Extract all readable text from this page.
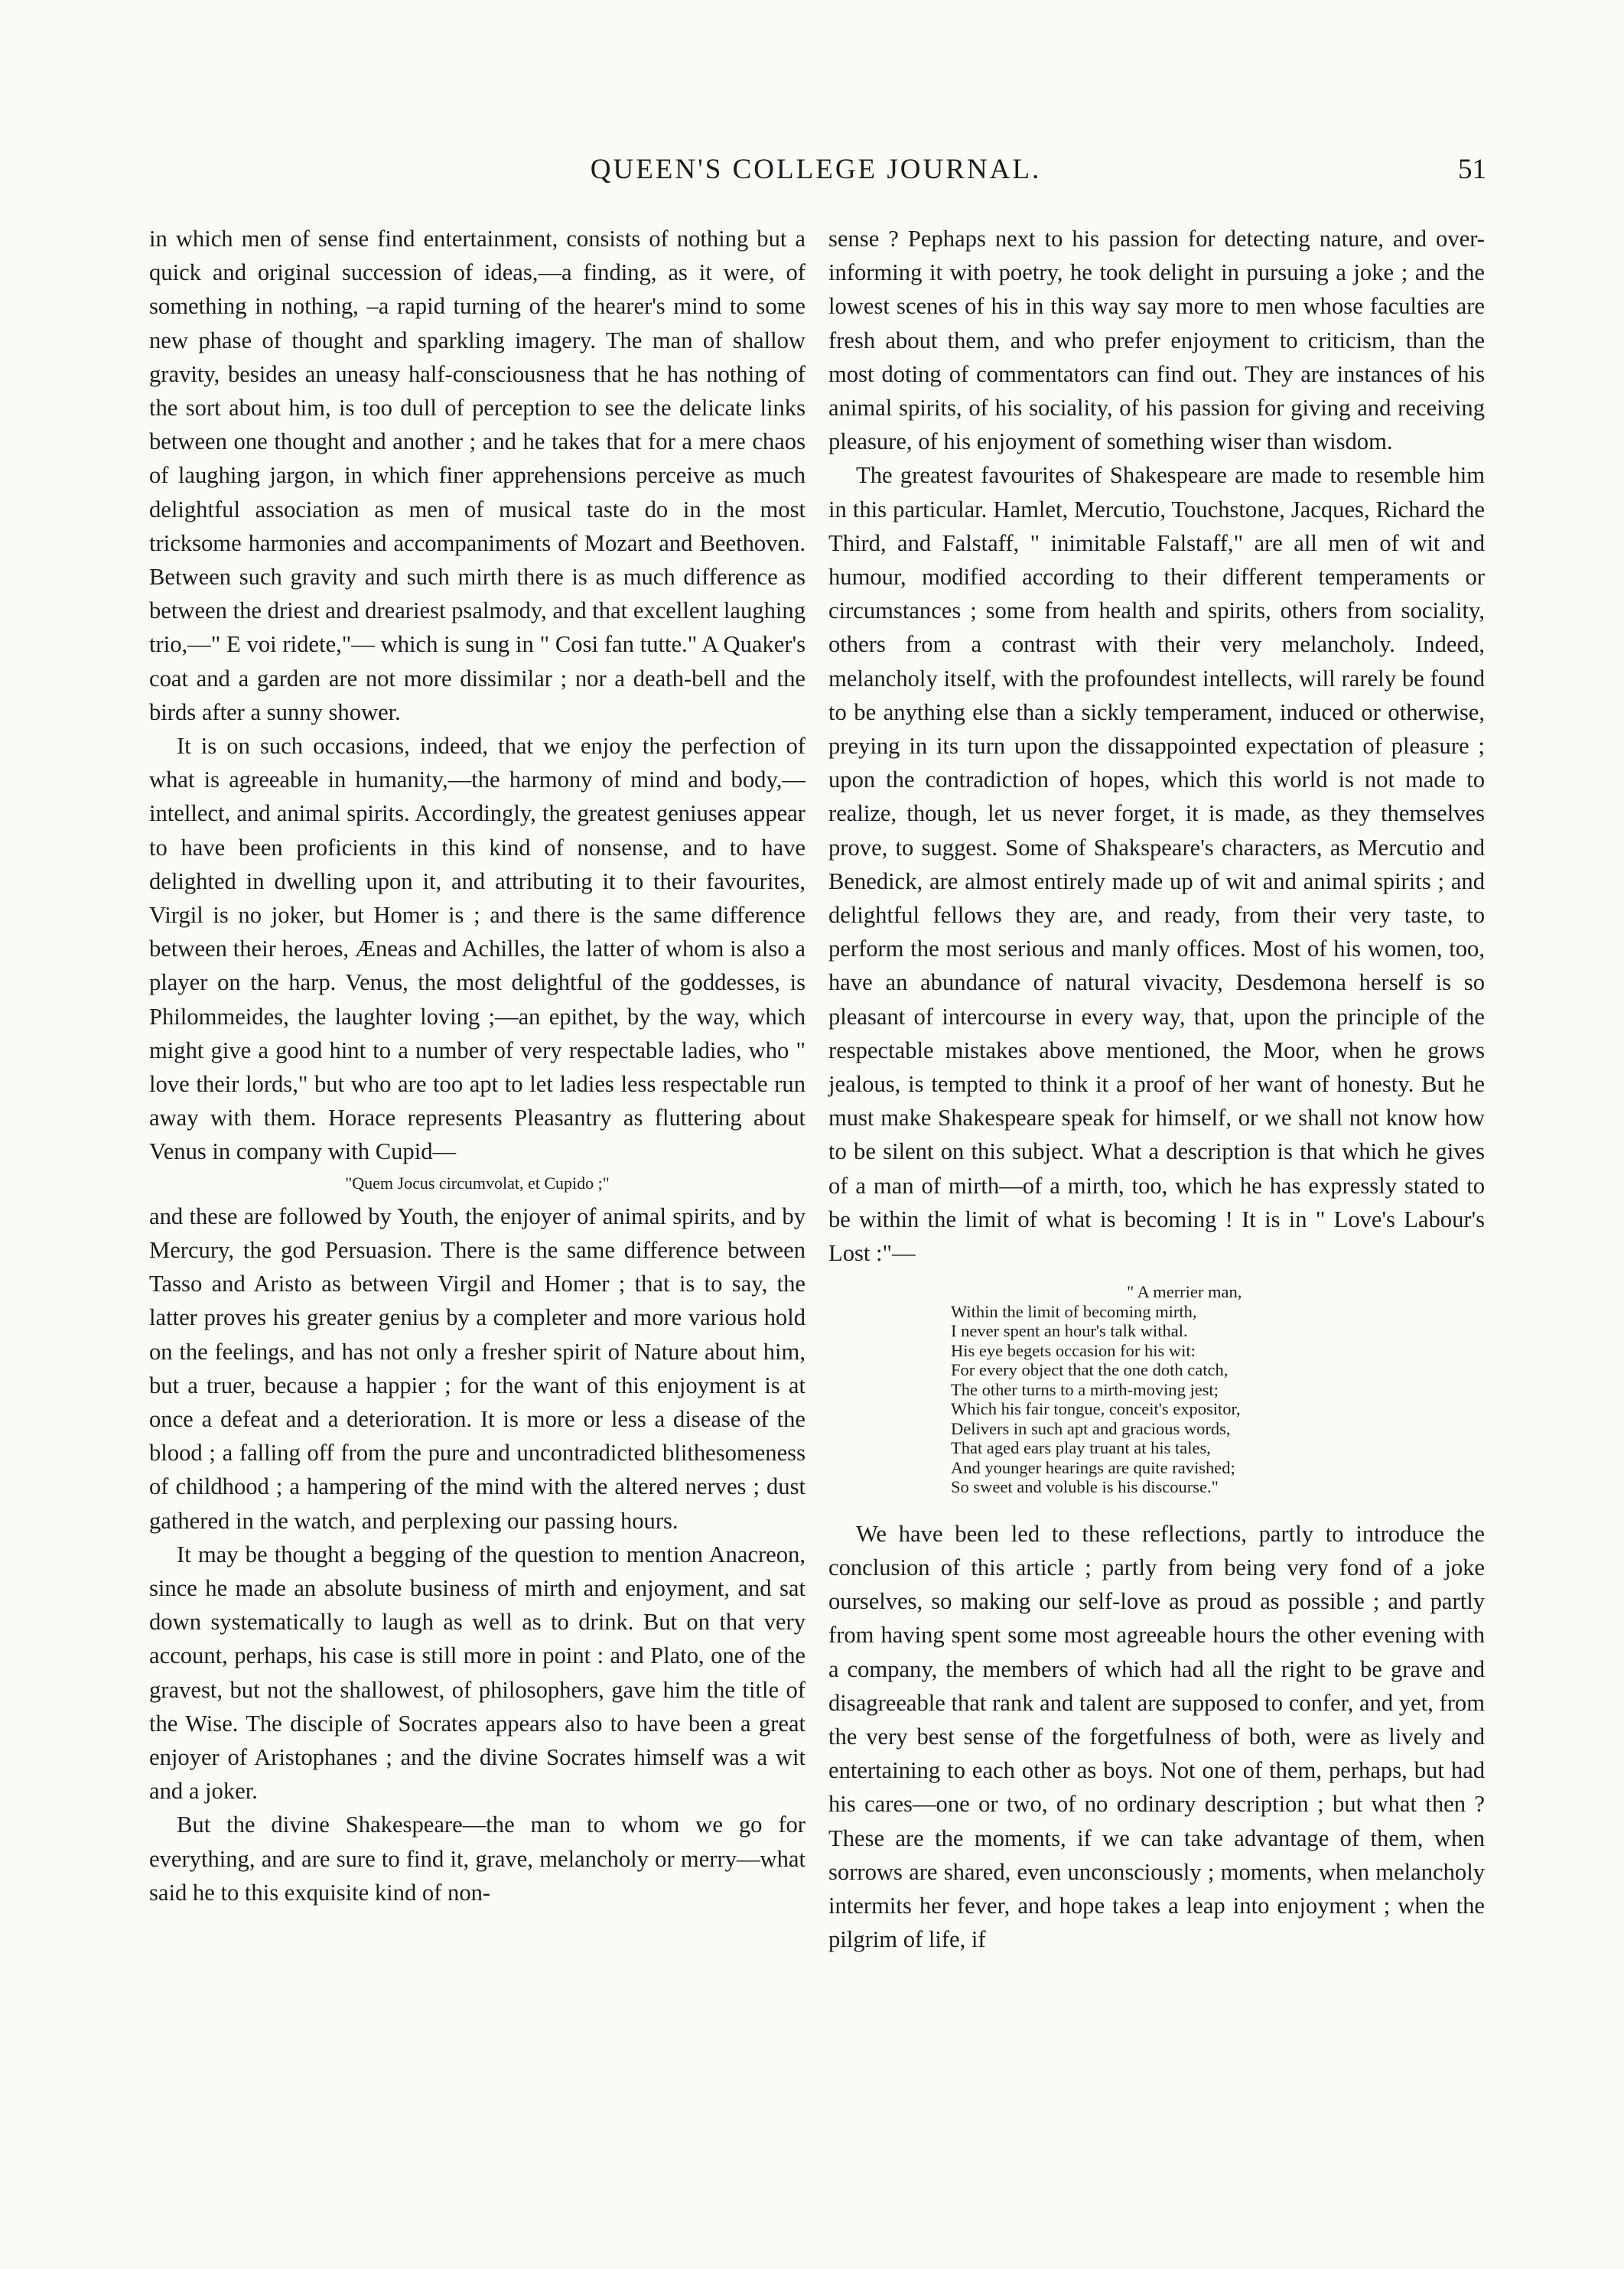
QUEEN'S COLLEGE JOURNAL.	51

in which men of sense find entertainment, consists of nothing but a quick and original succession of ideas,—a finding, as it were, of something in nothing, –a rapid turning of the hearer's mind to some new phase of thought and sparkling imagery. The man of shallow gravity, besides an uneasy half-consciousness that he has nothing of the sort about him, is too dull of perception to see the delicate links between one thought and another ; and he takes that for a mere chaos of laughing jargon, in which finer apprehensions perceive as much delightful association as men of musical taste do in the most tricksome harmonies and accompaniments of Mozart and Beethoven. Between such gravity and such mirth there is as much difference as between the driest and dreariest psalmody, and that excellent laughing trio,—" E voi ridete,"— which is sung in " Cosi fan tutte." A Quaker's coat and a garden are not more dissimilar ; nor a death-bell and the birds after a sunny shower.

It is on such occasions, indeed, that we enjoy the perfection of what is agreeable in humanity,—the harmony of mind and body,—intellect, and animal spirits. Accordingly, the greatest geniuses appear to have been proficients in this kind of nonsense, and to have delighted in dwelling upon it, and attributing it to their favourites, Virgil is no joker, but Homer is ; and there is the same difference between their heroes, Æneas and Achilles, the latter of whom is also a player on the harp. Venus, the most delightful of the goddesses, is Philommeides, the laughter loving ;—an epithet, by the way, which might give a good hint to a number of very respectable ladies, who " love their lords," but who are too apt to let ladies less respectable run away with them. Horace represents Pleasantry as fluttering about Venus in company with Cupid—

"Quem Jocus circumvolat, et Cupido ;"

and these are followed by Youth, the enjoyer of animal spirits, and by Mercury, the god Persuasion. There is the same difference between Tasso and Aristo as between Virgil and Homer ; that is to say, the latter proves his greater genius by a completer and more various hold on the feelings, and has not only a fresher spirit of Nature about him, but a truer, because a happier ; for the want of this enjoyment is at once a defeat and a deterioration. It is more or less a disease of the blood ; a falling off from the pure and uncontradicted blithesomeness of childhood ; a hampering of the mind with the altered nerves ; dust gathered in the watch, and perplexing our passing hours.

It may be thought a begging of the question to mention Anacreon, since he made an absolute business of mirth and enjoyment, and sat down systematically to laugh as well as to drink. But on that very account, perhaps, his case is still more in point : and Plato, one of the gravest, but not the shallowest, of philosophers, gave him the title of the Wise. The disciple of Socrates appears also to have been a great enjoyer of Aristophanes ; and the divine Socrates himself was a wit and a joker.

But the divine Shakespeare—the man to whom we go for everything, and are sure to find it, grave, melancholy or merry—what said he to this exquisite kind of non-

sense ? Pephaps next to his passion for detecting nature, and over-informing it with poetry, he took delight in pursuing a joke ; and the lowest scenes of his in this way say more to men whose faculties are fresh about them, and who prefer enjoyment to criticism, than the most doting of commentators can find out. They are instances of his animal spirits, of his sociality, of his passion for giving and receiving pleasure, of his enjoyment of something wiser than wisdom.

The greatest favourites of Shakespeare are made to resemble him in this particular. Hamlet, Mercutio, Touchstone, Jacques, Richard the Third, and Falstaff, " inimitable Falstaff," are all men of wit and humour, modified according to their different temperaments or circumstances ; some from health and spirits, others from sociality, others from a contrast with their very melancholy. Indeed, melancholy itself, with the profoundest intellects, will rarely be found to be anything else than a sickly temperament, induced or otherwise, preying in its turn upon the dissappointed expectation of pleasure ; upon the contradiction of hopes, which this world is not made to realize, though, let us never forget, it is made, as they themselves prove, to suggest. Some of Shakspeare's characters, as Mercutio and Benedick, are almost entirely made up of wit and animal spirits ; and delightful fellows they are, and ready, from their very taste, to perform the most serious and manly offices. Most of his women, too, have an abundance of natural vivacity, Desdemona herself is so pleasant of intercourse in every way, that, upon the principle of the respectable mistakes above mentioned, the Moor, when he grows jealous, is tempted to think it a proof of her want of honesty. But he must make Shakespeare speak for himself, or we shall not know how to be silent on this subject. What a description is that which he gives of a man of mirth—of a mirth, too, which he has expressly stated to be within the limit of what is becoming ! It is in " Love's Labour's Lost :"—

" A merrier man,
Within the limit of becoming mirth,
I never spent an hour's talk withal.
His eye begets occasion for his wit:
For every object that the one doth catch,
The other turns to a mirth-moving jest;
Which his fair tongue, conceit's expositor,
Delivers in such apt and gracious words,
That aged ears play truant at his tales,
And younger hearings are quite ravished;
So sweet and voluble is his discourse."

We have been led to these reflections, partly to introduce the conclusion of this article ; partly from being very fond of a joke ourselves, so making our self-love as proud as possible ; and partly from having spent some most agreeable hours the other evening with a company, the members of which had all the right to be grave and disagreeable that rank and talent are supposed to confer, and yet, from the very best sense of the forgetfulness of both, were as lively and entertaining to each other as boys. Not one of them, perhaps, but had his cares—one or two, of no ordinary description ; but what then ? These are the moments, if we can take advantage of them, when sorrows are shared, even unconsciously ; moments, when melancholy intermits her fever, and hope takes a leap into enjoyment ; when the pilgrim of life, if
